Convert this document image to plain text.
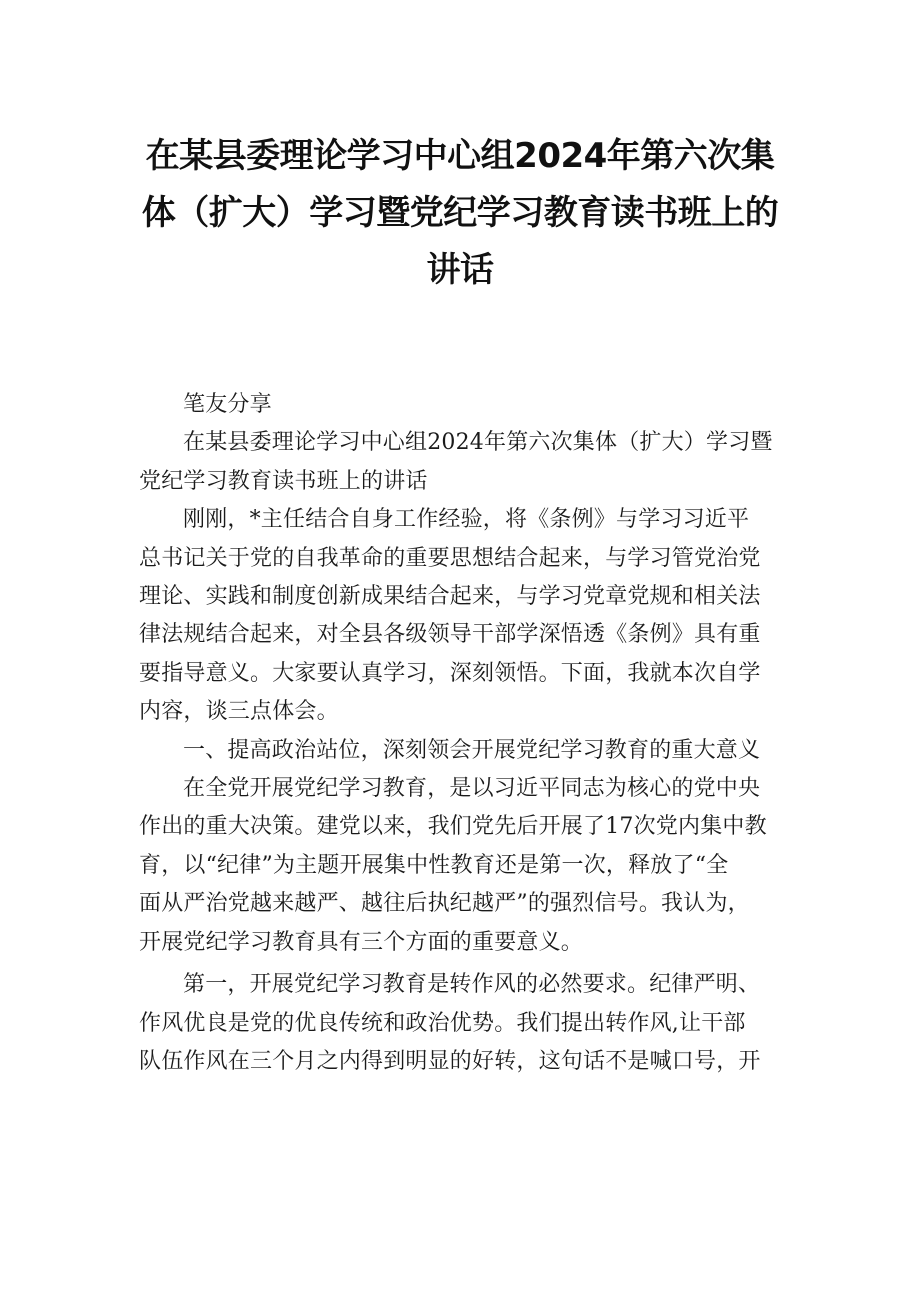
在某县委理论学习中心组2024年第六次集
体（扩大）学习暨党纪学习教育读书班上的
讲话

笔友分享

在某县委理论学习中心组2024年第六次集体（扩大）学习暨
党纪学习教育读书班上的讲话

刚刚，*主任结合自身工作经验，将《条例》与学习习近平
总书记关于党的自我革命的重要思想结合起来，与学习管党治党
理论、实践和制度创新成果结合起来，与学习党章党规和相关法
律法规结合起来，对全县各级领导干部学深悟透《条例》具有重
要指导意义。大家要认真学习，深刻领悟。下面，我就本次自学
内容，谈三点体会。

一、提高政治站位，深刻领会开展党纪学习教育的重大意义

在全党开展党纪学习教育，是以习近平同志为核心的党中央
作出的重大决策。建党以来，我们党先后开展了17次党内集中教
育，以“纪律”为主题开展集中性教育还是第一次，释放了“全
面从严治党越来越严、越往后执纪越严”的强烈信号。我认为，
开展党纪学习教育具有三个方面的重要意义。

第一，开展党纪学习教育是转作风的必然要求。纪律严明、
作风优良是党的优良传统和政治优势。我们提出转作风,让干部
队伍作风在三个月之内得到明显的好转，这句话不是喊口号，开
